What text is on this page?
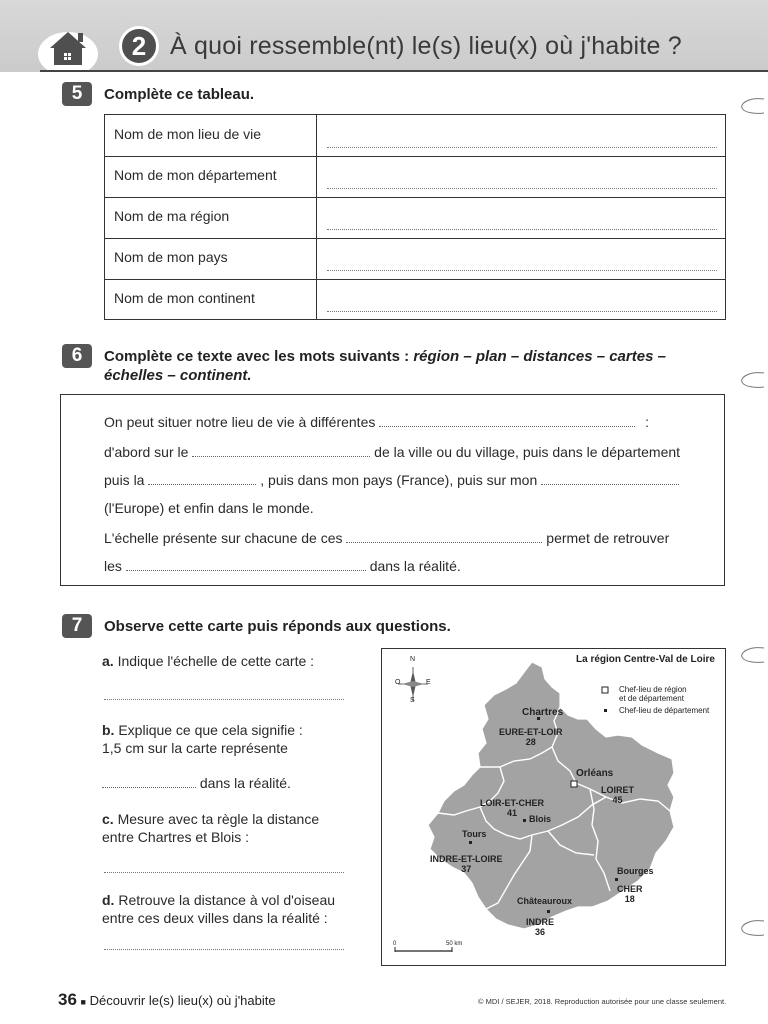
2 À quoi ressemble(nt) le(s) lieu(x) où j'habite ?
5	Complète ce tableau.
Nom de mon lieu de vie
Nom de mon département
Nom de ma région
Nom de mon pays
Nom de mon continent
6	Complète ce texte avec les mots suivants : région – plan – distances – cartes –
échelles – continent.
On peut situer notre lieu de vie à différentes	:
d'abord sur le	de la ville ou du village, puis dans le département
puis la	, puis dans mon pays (France), puis sur mon
(l'Europe) et enfin dans le monde.
L'échelle présente sur chacune de ces	permet de retrouver
les	dans la réalité.
7	Observe cette carte puis réponds aux questions.
a. Indique l'échelle de cette carte :
b. Explique ce que cela signifie :
1,5 cm sur la carte représente
dans la réalité.
c. Mesure avec ta règle la distance
entre Chartres et Blois :
d. Retrouve la distance à vol d'oiseau
entre ces deux villes dans la réalité :
La région Centre-Val de Loire
N
S
O	E
Chef-lieu de région
et de département
Chef-lieu de département
EURE-ET-LOIR
28
LOIRET
45
LOIR-ET-CHER
41
INDRE-ET-LOIRE
37
CHER
18
INDRE
36
Chartres
Orléans
Blois
Tours
Bourges
Châteauroux
0	50 km
36 ■ Découvrir le(s) lieu(x) où j'habite	© MDI / SEJER, 2018. Reproduction autorisée pour une classe seulement.
